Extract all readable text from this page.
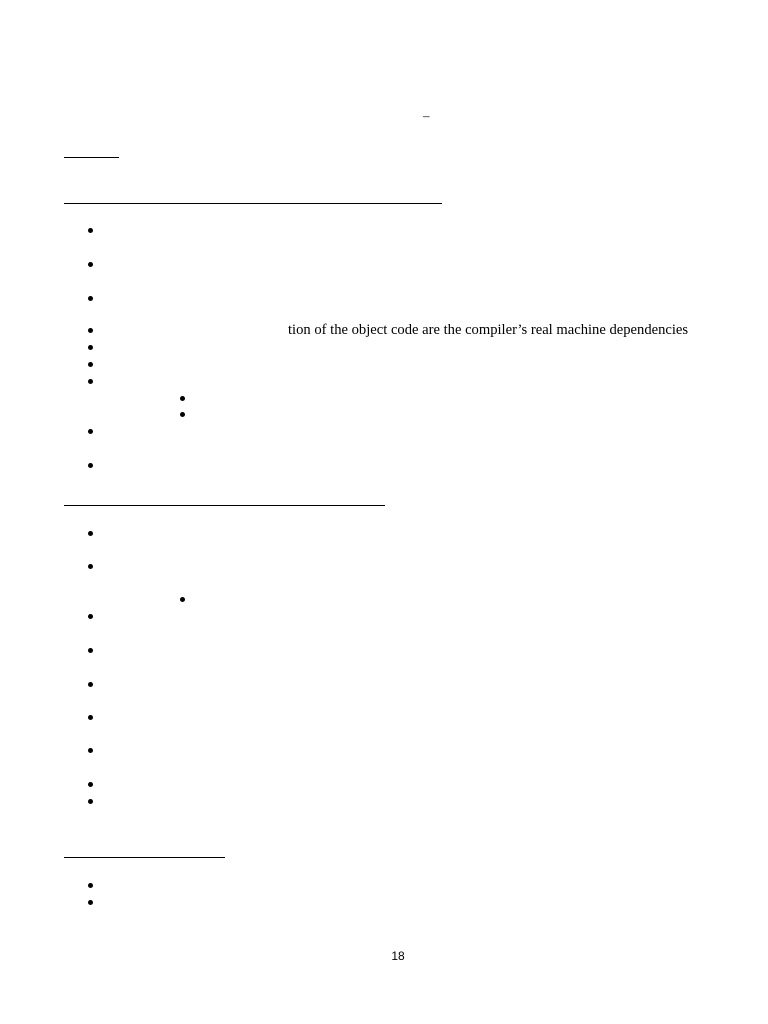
–
tion of the object code are the compiler’s real machine dependencies
18
